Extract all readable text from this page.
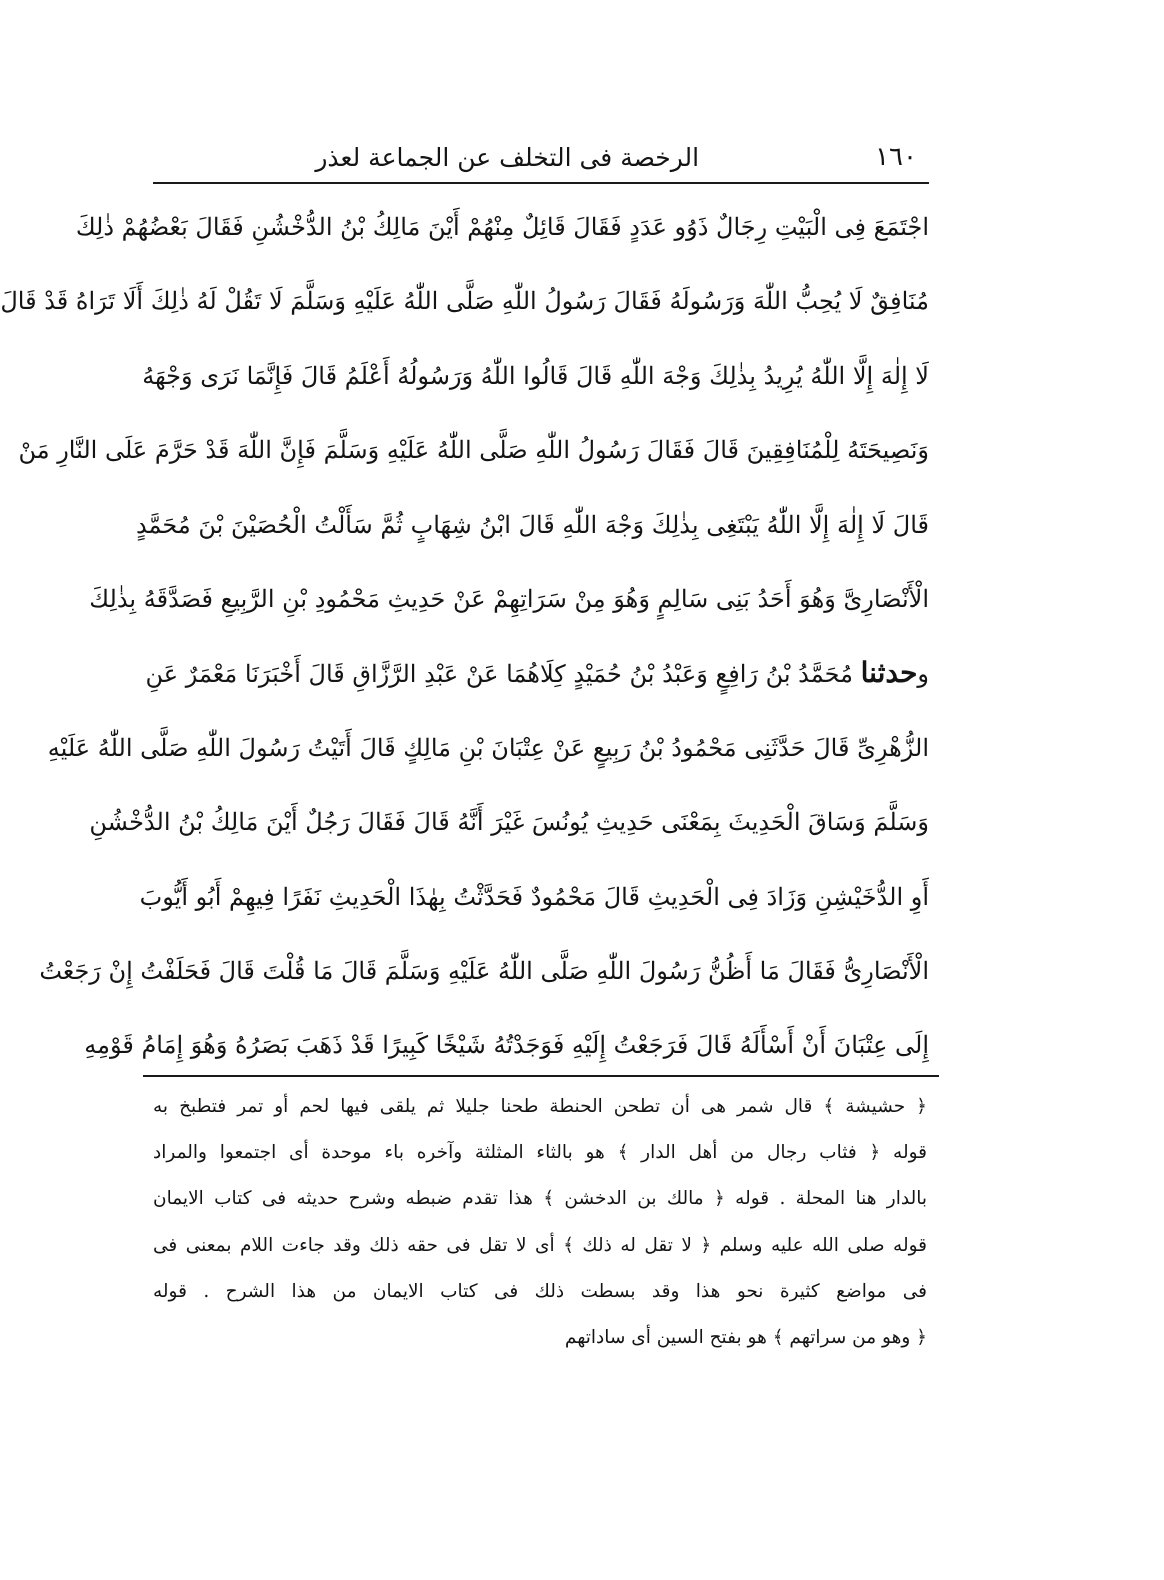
١٦٠
الرخصة فى التخلف عن الجماعة لعذر
اجْتَمَعَ فِى الْبَيْتِ رِجَالٌ ذَوُو عَدَدٍ فَقَالَ قَائِلٌ مِنْهُمْ أَيْنَ مَالِكُ بْنُ الدُّخْشُنِ فَقَالَ بَعْضُهُمْ ذٰلِكَ
مُنَافِقٌ لَا يُحِبُّ اللّٰهَ وَرَسُولَهُ فَقَالَ رَسُولُ اللّٰهِ صَلَّى اللّٰهُ عَلَيْهِ وَسَلَّمَ لَا تَقُلْ لَهُ ذٰلِكَ أَلَا تَرَاهُ قَدْ قَالَ
لَا إِلٰهَ إِلَّا اللّٰهُ يُرِيدُ بِذٰلِكَ وَجْهَ اللّٰهِ قَالَ قَالُوا اللّٰهُ وَرَسُولُهُ أَعْلَمُ قَالَ فَإِنَّمَا نَرَى وَجْهَهُ
وَنَصِيحَتَهُ لِلْمُنَافِقِينَ قَالَ فَقَالَ رَسُولُ اللّٰهِ صَلَّى اللّٰهُ عَلَيْهِ وَسَلَّمَ فَإِنَّ اللّٰهَ قَدْ حَرَّمَ عَلَى النَّارِ مَنْ
قَالَ لَا إِلٰهَ إِلَّا اللّٰهُ يَبْتَغِى بِذٰلِكَ وَجْهَ اللّٰهِ قَالَ ابْنُ شِهَابٍ ثُمَّ سَأَلْتُ الْحُصَيْنَ بْنَ مُحَمَّدٍ
الْأَنْصَارِىَّ وَهُوَ أَحَدُ بَنِى سَالِمٍ وَهُوَ مِنْ سَرَاتِهِمْ عَنْ حَدِيثِ مَحْمُودِ بْنِ الرَّبِيعِ فَصَدَّقَهُ بِذٰلِكَ
وحدثنا مُحَمَّدُ بْنُ رَافِعٍ وَعَبْدُ بْنُ حُمَيْدٍ كِلَاهُمَا عَنْ عَبْدِ الرَّزَّاقِ قَالَ أَخْبَرَنَا مَعْمَرٌ عَنِ
الزُّهْرِىِّ قَالَ حَدَّثَنِى مَحْمُودُ بْنُ رَبِيعٍ عَنْ عِتْبَانَ بْنِ مَالِكٍ قَالَ أَتَيْتُ رَسُولَ اللّٰهِ صَلَّى اللّٰهُ عَلَيْهِ
وَسَلَّمَ وَسَاقَ الْحَدِيثَ بِمَعْنَى حَدِيثِ يُونُسَ غَيْرَ أَنَّهُ قَالَ فَقَالَ رَجُلٌ أَيْنَ مَالِكُ بْنُ الدُّخْشُنِ
أَوِ الدُّخَيْشِنِ وَزَادَ فِى الْحَدِيثِ قَالَ مَحْمُودٌ فَحَدَّثْتُ بِهٰذَا الْحَدِيثِ نَفَرًا فِيهِمْ أَبُو أَيُّوبَ
الْأَنْصَارِىُّ فَقَالَ مَا أَظُنُّ رَسُولَ اللّٰهِ صَلَّى اللّٰهُ عَلَيْهِ وَسَلَّمَ قَالَ مَا قُلْتَ قَالَ فَحَلَفْتُ إِنْ رَجَعْتُ
إِلَى عِتْبَانَ أَنْ أَسْأَلَهُ قَالَ فَرَجَعْتُ إِلَيْهِ فَوَجَدْتُهُ شَيْخًا كَبِيرًا قَدْ ذَهَبَ بَصَرُهُ وَهُوَ إِمَامُ قَوْمِهِ
﴿ حشيشة ﴾ قال شمر هى أن تطحن الحنطة طحنا جليلا ثم يلقى فيها لحم أو تمر فتطبخ به
قوله ﴿ فثاب رجال من أهل الدار ﴾ هو بالثاء المثلثة وآخره باء موحدة أى اجتمعوا والمراد
بالدار هنا المحلة . قوله ﴿ مالك بن الدخشن ﴾ هذا تقدم ضبطه وشرح حديثه فى كتاب الايمان
قوله صلى الله عليه وسلم ﴿ لا تقل له ذلك ﴾ أى لا تقل فى حقه ذلك وقد جاءت اللام بمعنى فى
فى مواضع كثيرة نحو هذا وقد بسطت ذلك فى كتاب الايمان من هذا الشرح . قوله
﴿ وهو من سراتهم ﴾ هو بفتح السين أى ساداتهم
